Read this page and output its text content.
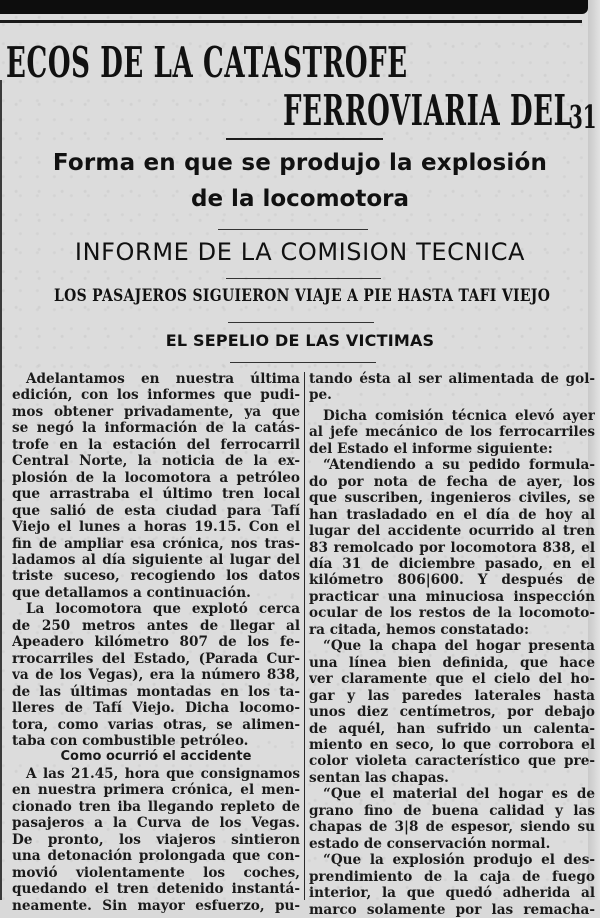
ECOS DE LA CATASTROFE
FERROVIARIA DEL
31
Forma en que se produjo la explosión
de la locomotora
INFORME DE LA COMISION TECNICA
LOS PASAJEROS SIGUIERON VIAJE A PIE HASTA TAFI VIEJO
EL SEPELIO DE LAS VICTIMAS
Adelantamos en nuestra última
edición, con los informes que pudi-
mos obtener privadamente, ya que
se negó la información de la catás-
trofe en la estación del ferrocarril
Central Norte, la noticia de la ex-
plosión de la locomotora a petróleo
que arrastraba el último tren local
que salió de esta ciudad para Tafí
Viejo el lunes a horas 19.15. Con el
fin de ampliar esa crónica, nos tras-
ladamos al día siguiente al lugar del
triste suceso, recogiendo los datos
que detallamos a continuación.
La locomotora que explotó cerca
de 250 metros antes de llegar al
Apeadero kilómetro 807 de los fe-
rrocarriles del Estado, (Parada Cur-
va de los Vegas), era la número 838,
de las últimas montadas en los ta-
lleres de Tafí Viejo. Dicha locomo-
tora, como varias otras, se alimen-
taba con combustible petróleo.
Como ocurrió el accidente
A las 21.45, hora que consignamos
en nuestra primera crónica, el men-
cionado tren iba llegando repleto de
pasajeros a la Curva de los Vegas.
De pronto, los viajeros sintieron
una detonación prolongada que con-
movió violentamente los coches,
quedando el tren detenido instantá-
neamente. Sin mayor esfuerzo, pu-
tando ésta al ser alimentada de gol-
pe.
Dicha comisión técnica elevó ayer
al jefe mecánico de los ferrocarriles
del Estado el informe siguiente:
“Atendiendo a su pedido formula-
do por nota de fecha de ayer, los
que suscriben, ingenieros civiles, se
han trasladado en el día de hoy al
lugar del accidente ocurrido al tren
83 remolcado por locomotora 838, el
día 31 de diciembre pasado, en el
kilómetro 806|600. Y después de
practicar una minuciosa inspección
ocular de los restos de la locomoto-
ra citada, hemos constatado:
“Que la chapa del hogar presenta
una línea bien definida, que hace
ver claramente que el cielo del ho-
gar y las paredes laterales hasta
unos diez centímetros, por debajo
de aquél, han sufrido un calenta-
miento en seco, lo que corrobora el
color violeta característico que pre-
sentan las chapas.
“Que el material del hogar es de
grano fino de buena calidad y las
chapas de 3|8 de espesor, siendo su
estado de conservación normal.
“Que la explosión produjo el des-
prendimiento de la caja de fuego
interior, la que quedó adherida al
marco solamente por las remacha-
